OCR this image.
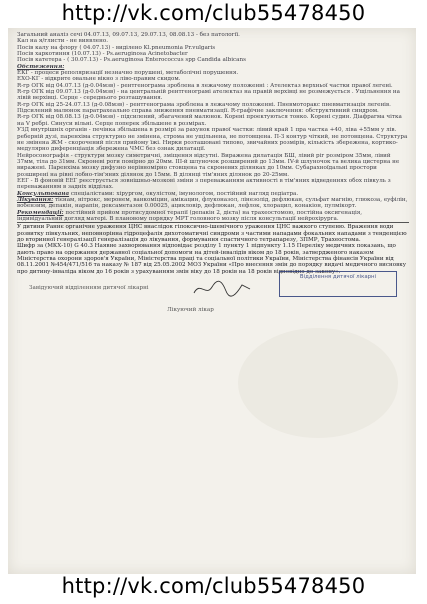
http://vk.com/club55478450

Загальний аналіз сечі 04.07.13, 09.07.13, 29.07.13, 08.08.13 - без патології.

Кал на я/глисти - не виявлено.

Посів калу на флору ( 04.07.13) - виділено Kl.pneumonia Pr.vulgaris

Посів харкотиння (10.07.13) - Ps.aeruginosa Acinetobacter

Посів катетера - ( 30.07.13) - Ps.aeruginosa Enterococcus spp Candida albicans

Обстеження:

ЕКГ - процеси реполяризації незначно порушені, метаболічні порушення.

ЕХО-КГ - відкрите овальне вікно з ліво-правим скидом.

R-гр ОГК від 04.07.13 (д-0.04мзв) - рентгенограма зроблена в лежачому положенні : Ателектаз верхньої частки правої легені.

R-гр ОГК від 09.07.13 (д-0.04мзв) - на центральній рентгенограмі ателектаз на правій верхівці не розмежується . Ущільнення на лівій верхівці. Серце - середнього розташування.

R-гр ОГК від 25-24.07.13 (д-0.08мзв) - рентгенограма зроблена в лежачому положенні. Пневмоторакс пневматизація легенів. Підсилений малюнок паратрахеально справа зниження пневматизації. R-графічне заключення: обструктивний синдром.

R-гр ОГК від 08.08.13 (д-0.04мзв) - підсилений, збагачений малюнок. Корені проектуються тонко. Корені судин. Діафрагма чітка на V ребрі. Синуси вільні. Серце поперек збільшене в розмірах.

УЗД внутрішніх органів - печінка збільшена в розмірі за рахунок правої частки: лівий край 1 пра частка +40, ліва +55мм у лів. реберній дузі, паренхіма структурно не змінена, строма не ущільнена, не потовщена. П-З контур чіткий, не потовщена. Структура не змінена ЖМ - скорочений після прийому їжі. Нирки розташовані типово, звичайних розмірів, кількість збережена, кортико-медулярно диференціація збережена ЧМС без ознак дилатації.

Нейросонографія - структури мозку симетричні, зміщення відсутні. Виражена дилатація БШ, лівий ріг розміром 35мм, лівий 37мм, тіла до 31мм. Скроневі роги помірно до 20мм. III-й шлуночок розширений до 13мм. IV-й шлуночок та велика цистерна не виражені. Паренхіма мозку дифузно нерівномірно стовщена та скроневих ділянках до 10мм. Субарахноїдальні простори розширені на рівні лобно-тім'яних ділянок до 15мм. В ділянці тім'яних ділянок до 20-25мм.

ЕЕГ - В фоновій ЕЕГ реєструється зовнішньо-мозкові зміни з переважанням активності в тім'яних відведеннях обох півкуль з переважанням в задніх відділах.

Консультована спеціалістами: хірургом, окулістом, імунологом, постійний нагляд педіатра.

Лікування: тієнам, нітрокс, меронем, ванкоміцин, амікацин, флуконазол, лінезолід, дефлюкан, сульфат магнію, глюкоза, еуфілін, вобензим, депакін, нарапін, дексаметазон 0.00025, ацикловір, дефлюкан, лефлок, хлорацил, конакіон, пулмікорт.

Рекомендації: постійний прийом протисудомної терапії (депакін 2, дієта) на трахеостомою, постійна оксигенація, індивідуальний догляд матері. В плановому порядку МРТ головного мозку після консультації нейрохірурга.

У дитини Раннє органічне ураження ЦНС внаслідок гіпоксично-ішемічного ураження ЦНС важкого ступеню. Враження води розвитку півкульних, неповнорінна гідроцефалія дихотоматичні синдроми з частими нападами фокальних нападами з тенденцією до вторинної генералізації генералізація до лікування, формування спастичного тетрапарезу, ЗПМР, Трахеостома.

Шифр за (МКХ-10) G 40.3 Наявне захворювання відповідає розділу 1 пункту 1 підпункту 1.15 Переліку медичних показань, що дають право на одержання державної соціальної допомоги на дітей-інвалідів віком до 18 років, затвердженого наказом Міністерства охорони здоров'я України, Міністерства праці та соціальної політики України, Міністерства фінансів України від 08.11.2001 №454/471/516 та наказу № 187 від 25.05.2002 МОЗ України «Про внесення змін до порядку видачі медичного висновку про дитину-інваліда віком до 16 років з урахуванням змін віку до 18 років на 18 років відповідно до закону».

Завідуючий відділенням дитячої лікарні
Відділення дитячої лікарні
Лікуючий лікар
http://vk.com/club55478450
